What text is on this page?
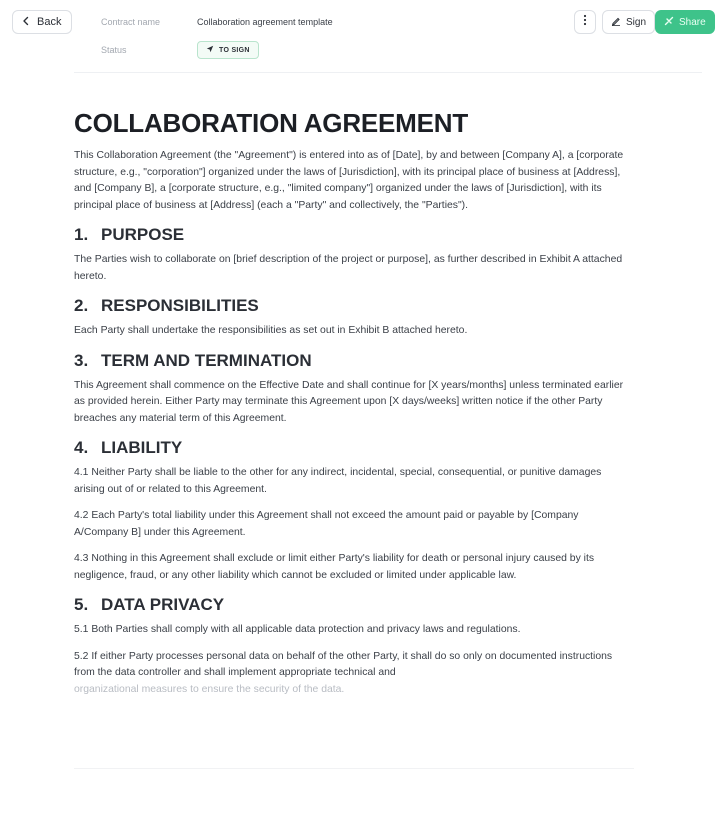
Back	Contract name	Collaboration agreement template
Status	TO SIGN
Sign	Share
COLLABORATION AGREEMENT

This Collaboration Agreement (the "Agreement") is entered into as of [Date], by and between [Company A], a [corporate structure, e.g., "corporation"] organized under the laws of [Jurisdiction], with its principal place of business at [Address], and [Company B], a [corporate structure, e.g., "limited company"] organized under the laws of [Jurisdiction], with its principal place of business at [Address] (each a "Party" and collectively, the "Parties").

1. PURPOSE

The Parties wish to collaborate on [brief description of the project or purpose], as further described in Exhibit A attached hereto.

2. RESPONSIBILITIES

Each Party shall undertake the responsibilities as set out in Exhibit B attached hereto.

3. TERM AND TERMINATION

This Agreement shall commence on the Effective Date and shall continue for [X years/months] unless terminated earlier as provided herein. Either Party may terminate this Agreement upon [X days/weeks] written notice if the other Party breaches any material term of this Agreement.

4. LIABILITY

4.1 Neither Party shall be liable to the other for any indirect, incidental, special, consequential, or punitive damages arising out of or related to this Agreement.

4.2 Each Party's total liability under this Agreement shall not exceed the amount paid or payable by [Company A/Company B] under this Agreement.

4.3 Nothing in this Agreement shall exclude or limit either Party's liability for death or personal injury caused by its negligence, fraud, or any other liability which cannot be excluded or limited under applicable law.

5. DATA PRIVACY

5.1 Both Parties shall comply with all applicable data protection and privacy laws and regulations.

5.2 If either Party processes personal data on behalf of the other Party, it shall do so only on documented instructions from the data controller and shall implement appropriate technical and

organizational measures to ensure the security of the data.
